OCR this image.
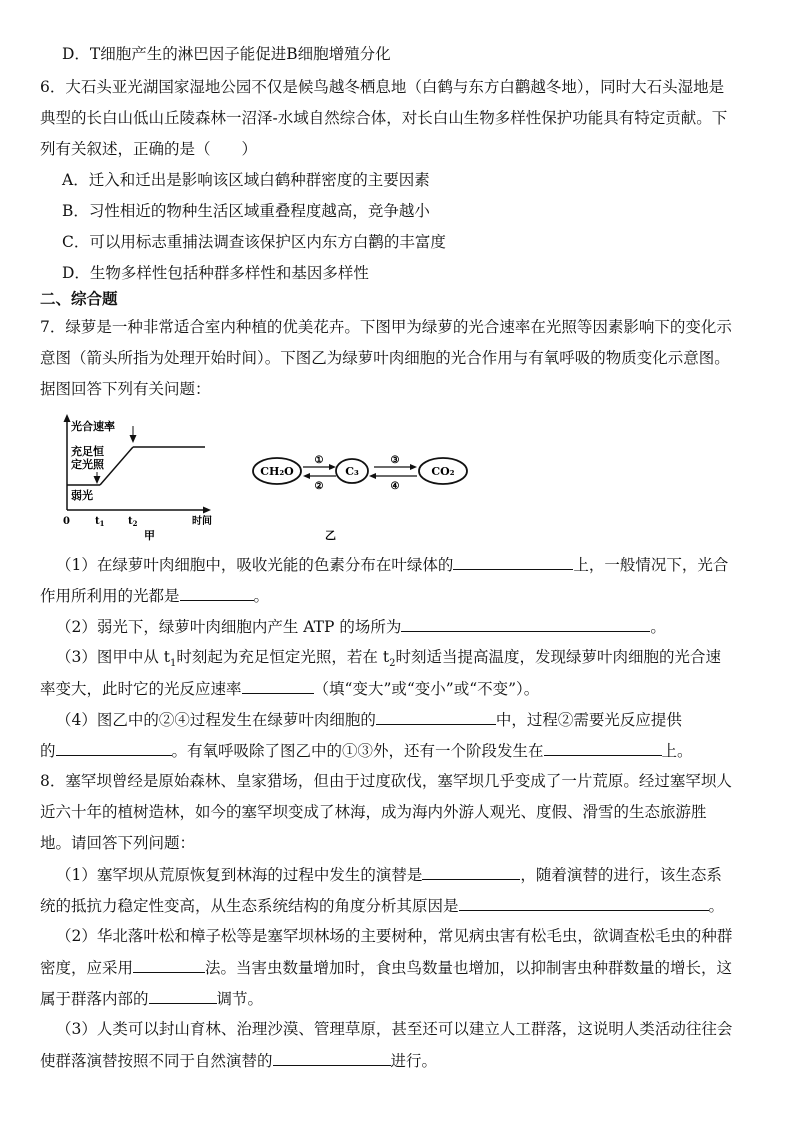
D．T细胞产生的淋巴因子能促进B细胞增殖分化
6．大石头亚光湖国家湿地公园不仅是候鸟越冬栖息地（白鹤与东方白鹳越冬地），同时大石头湿地是
典型的长白山低山丘陵森林一沼泽-水域自然综合体，对长白山生物多样性保护功能具有特定贡献。下
列有关叙述，正确的是（　　）
A．迁入和迁出是影响该区域白鹤种群密度的主要因素
B．习性相近的物种生活区域重叠程度越高，竞争越小
C．可以用标志重捕法调查该保护区内东方白鹳的丰富度
D．生物多样性包括种群多样性和基因多样性
二、综合题
7．绿萝是一种非常适合室内种植的优美花卉。下图甲为绿萝的光合速率在光照等因素影响下的变化示
意图（箭头所指为处理开始时间）。下图乙为绿萝叶肉细胞的光合作用与有氧呼吸的物质变化示意图。
据图回答下列有关问题：
光合速率
充足恒
定光照
弱光
0	$t_1$ $t_2$	时间
甲
CH₂O	C₃	CO₂
①
②
③
④
乙
（1）在绿萝叶肉细胞中，吸收光能的色素分布在叶绿体的	上，一般情况下，光合
作用所利用的光都是	。
（2）弱光下，绿萝叶肉细胞内产生 ATP 的场所为	。
（3）图甲中从 $t_1$时刻起为充足恒定光照，若在 $t_2$时刻适当提高温度，发现绿萝叶肉细胞的光合速
率变大，此时它的光反应速率	（填“变大”或“变小”或“不变”）。
（4）图乙中的②④过程发生在绿萝叶肉细胞的	中，过程②需要光反应提供
的	。有氧呼吸除了图乙中的①③外，还有一个阶段发生在	上。
8．塞罕坝曾经是原始森林、皇家猎场，但由于过度砍伐，塞罕坝几乎变成了一片荒原。经过塞罕坝人
近六十年的植树造林，如今的塞罕坝变成了林海，成为海内外游人观光、度假、滑雪的生态旅游胜
地。请回答下列问题：
（1）塞罕坝从荒原恢复到林海的过程中发生的演替是	，随着演替的进行，该生态系
统的抵抗力稳定性变高，从生态系统结构的角度分析其原因是	。
（2）华北落叶松和樟子松等是塞罕坝林场的主要树种，常见病虫害有松毛虫，欲调查松毛虫的种群
密度，应采用	法。当害虫数量增加时，食虫鸟数量也增加，以抑制害虫种群数量的增长，这
属于群落内部的	调节。
（3）人类可以封山育林、治理沙漠、管理草原，甚至还可以建立人工群落，这说明人类活动往往会
使群落演替按照不同于自然演替的	进行。
